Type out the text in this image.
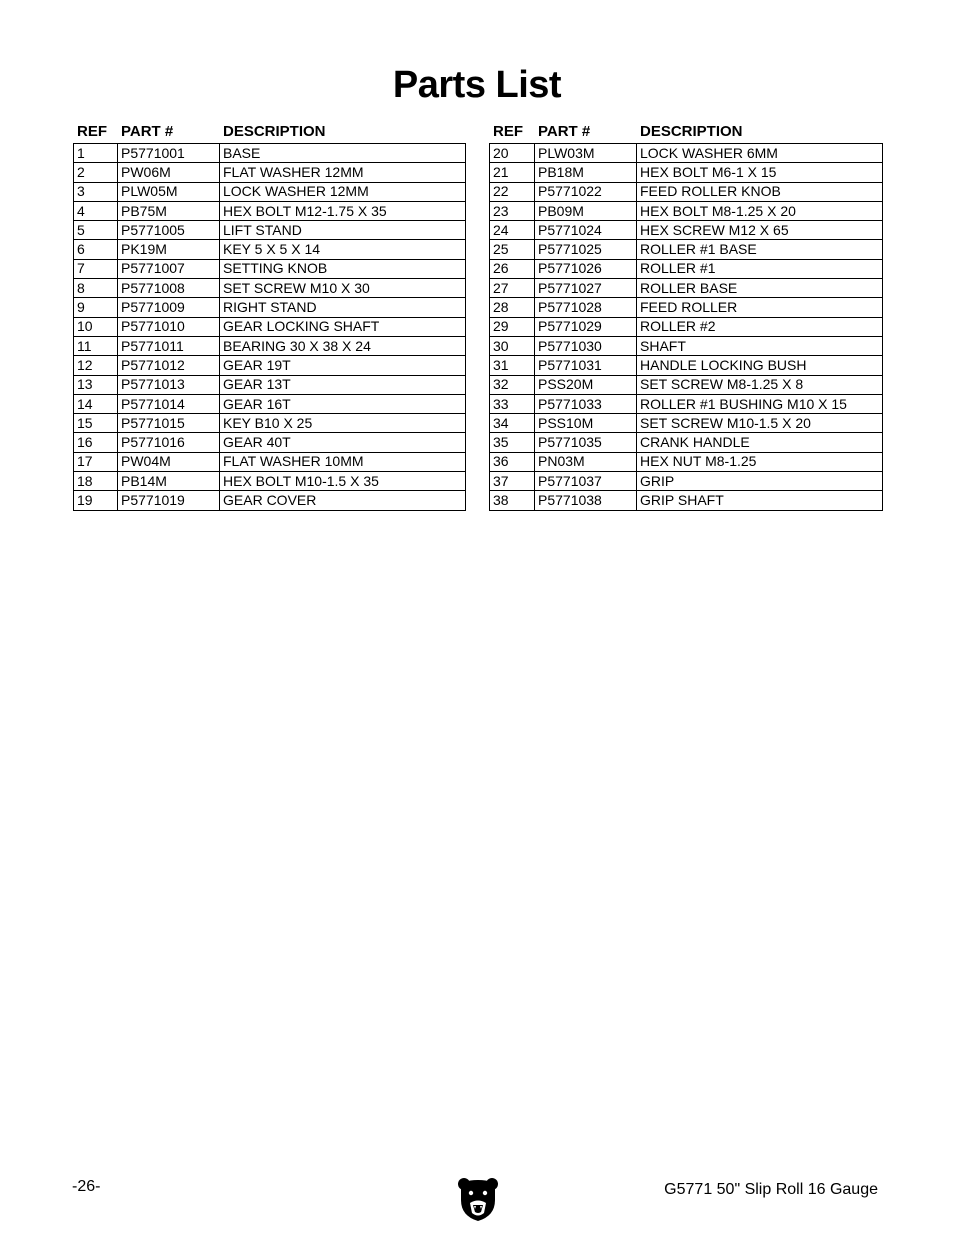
Parts List
REF PART #	DESCRIPTION
1	P5771001	BASE
2	PW06M	FLAT WASHER 12MM
3	PLW05M	LOCK WASHER 12MM
4	PB75M	HEX BOLT M12-1.75 X 35
5	P5771005	LIFT STAND
6	PK19M	KEY 5 X 5 X 14
7	P5771007	SETTING KNOB
8	P5771008	SET SCREW M10 X 30
9	P5771009	RIGHT STAND
10	P5771010	GEAR LOCKING SHAFT
11	P5771011	BEARING 30 X 38 X 24
12	P5771012	GEAR 19T
13	P5771013	GEAR 13T
14	P5771014	GEAR 16T
15	P5771015	KEY B10 X 25
16	P5771016	GEAR 40T
17	PW04M	FLAT WASHER 10MM
18	PB14M	HEX BOLT M10-1.5 X 35
19	P5771019	GEAR COVER
REF	PART #	DESCRIPTION
20	PLW03M	LOCK WASHER 6MM
21	PB18M	HEX BOLT M6-1 X 15
22	P5771022	FEED ROLLER KNOB
23	PB09M	HEX BOLT M8-1.25 X 20
24	P5771024	HEX SCREW M12 X 65
25	P5771025	ROLLER #1 BASE
26	P5771026	ROLLER #1
27	P5771027	ROLLER BASE
28	P5771028	FEED ROLLER
29	P5771029	ROLLER #2
30	P5771030	SHAFT
31	P5771031	HANDLE LOCKING BUSH
32	PSS20M	SET SCREW M8-1.25 X 8
33	P5771033	ROLLER #1 BUSHING M10 X 15
34	PSS10M	SET SCREW M10-1.5 X 20
35	P5771035	CRANK HANDLE
36	PN03M	HEX NUT M8-1.25
37	P5771037	GRIP
38	P5771038	GRIP SHAFT
-26-	G5771 50" Slip Roll 16 Gauge
